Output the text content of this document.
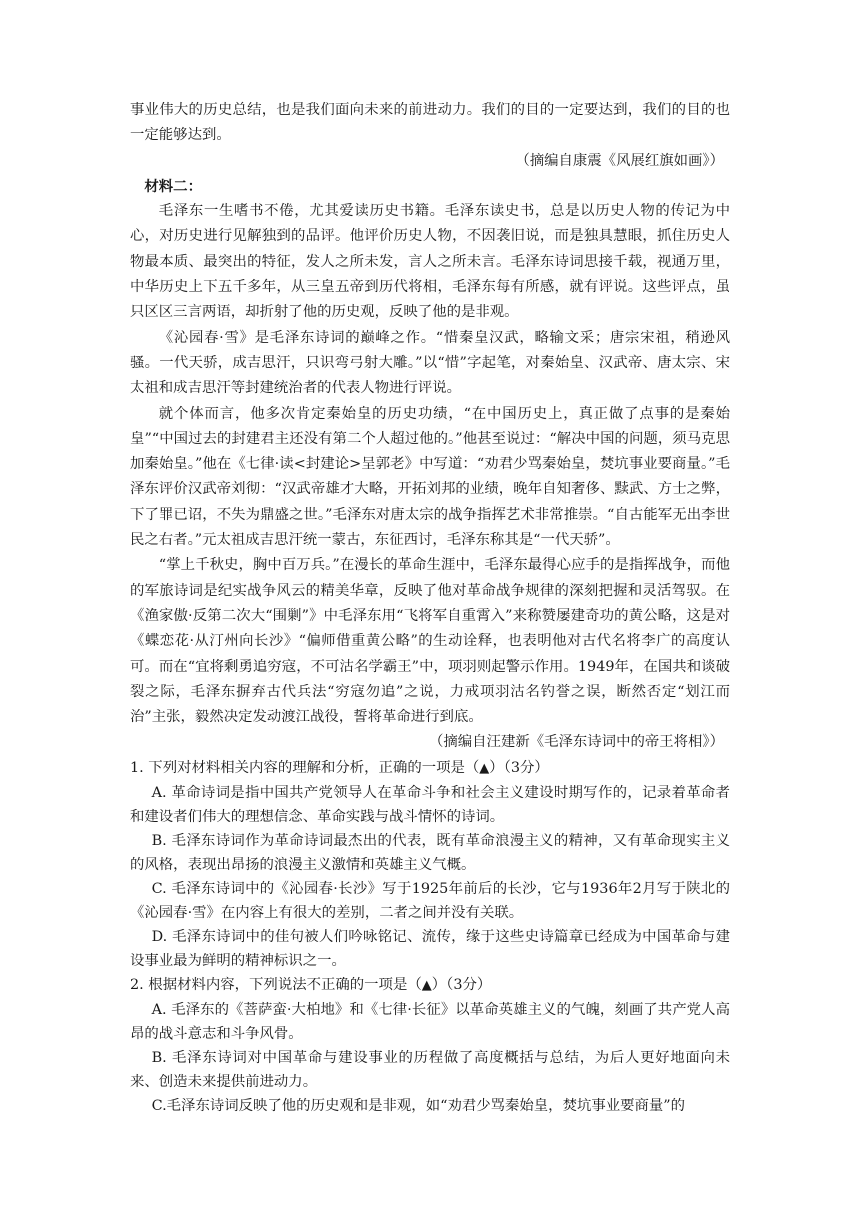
事业伟大的历史总结，也是我们面向未来的前进动力。我们的目的一定要达到，我们的目的也一定能够达到。

（摘编自康震《风展红旗如画》）

材料二：

毛泽东一生嗜书不倦，尤其爱读历史书籍。毛泽东读史书，总是以历史人物的传记为中心，对历史进行见解独到的品评。他评价历史人物，不因袭旧说，而是独具慧眼，抓住历史人物最本质、最突出的特征，发人之所未发，言人之所未言。毛泽东诗词思接千载，视通万里，中华历史上下五千多年，从三皇五帝到历代将相，毛泽东每有所感，就有评说。这些评点，虽只区区三言两语，却折射了他的历史观，反映了他的是非观。

《沁园春·雪》是毛泽东诗词的巅峰之作。“惜秦皇汉武，略输文采；唐宗宋祖，稍逊风骚。一代天骄，成吉思汗，只识弯弓射大雕。”以“惜”字起笔，对秦始皇、汉武帝、唐太宗、宋太祖和成吉思汗等封建统治者的代表人物进行评说。

就个体而言，他多次肯定秦始皇的历史功绩，“在中国历史上，真正做了点事的是秦始皇”“中国过去的封建君主还没有第二个人超过他的。”他甚至说过：“解决中国的问题，须马克思加秦始皇。”他在《七律·读<封建论>呈郭老》中写道：“劝君少骂秦始皇，焚坑事业要商量。”毛泽东评价汉武帝刘彻：“汉武帝雄才大略，开拓刘邦的业绩，晚年自知奢侈、黩武、方士之弊，下了罪已诏，不失为鼎盛之世。”毛泽东对唐太宗的战争指挥艺术非常推崇。“自古能军无出李世民之右者。”元太祖成吉思汗统一蒙古，东征西讨，毛泽东称其是“一代天骄”。

“掌上千秋史，胸中百万兵。”在漫长的革命生涯中，毛泽东最得心应手的是指挥战争，而他的军旅诗词是纪实战争风云的精美华章，反映了他对革命战争规律的深刻把握和灵活驾驭。在《渔家傲·反第二次大“围剿”》中毛泽东用“飞将军自重霄入”来称赞屡建奇功的黄公略，这是对《蝶恋花·从汀州向长沙》“偏师借重黄公略”的生动诠释，也表明他对古代名将李广的高度认可。而在“宜将剩勇追穷寇，不可沽名学霸王”中，项羽则起警示作用。1949年，在国共和谈破裂之际，毛泽东摒弃古代兵法“穷寇勿追”之说，力戒项羽沽名钓誉之误，断然否定“划江而治”主张，毅然决定发动渡江战役，誓将革命进行到底。

（摘编自汪建新《毛泽东诗词中的帝王将相》）

1. 下列对材料相关内容的理解和分析，正确的一项是（▲）（3分）

A. 革命诗词是指中国共产党领导人在革命斗争和社会主义建设时期写作的，记录着革命者和建设者们伟大的理想信念、革命实践与战斗情怀的诗词。

B. 毛泽东诗词作为革命诗词最杰出的代表，既有革命浪漫主义的精神，又有革命现实主义的风格，表现出昂扬的浪漫主义激情和英雄主义气概。

C. 毛泽东诗词中的《沁园春·长沙》写于1925年前后的长沙，它与1936年2月写于陕北的《沁园春·雪》在内容上有很大的差别，二者之间并没有关联。

D. 毛泽东诗词中的佳句被人们吟咏铭记、流传，缘于这些史诗篇章已经成为中国革命与建设事业最为鲜明的精神标识之一。

2. 根据材料内容，下列说法不正确的一项是（▲）（3分）

A. 毛泽东的《菩萨蛮·大柏地》和《七律·长征》以革命英雄主义的气魄，刻画了共产党人高昂的战斗意志和斗争风骨。

B. 毛泽东诗词对中国革命与建设事业的历程做了高度概括与总结，为后人更好地面向未来、创造未来提供前进动力。

C.毛泽东诗词反映了他的历史观和是非观，如“劝君少骂秦始皇，焚坑事业要商量”的
